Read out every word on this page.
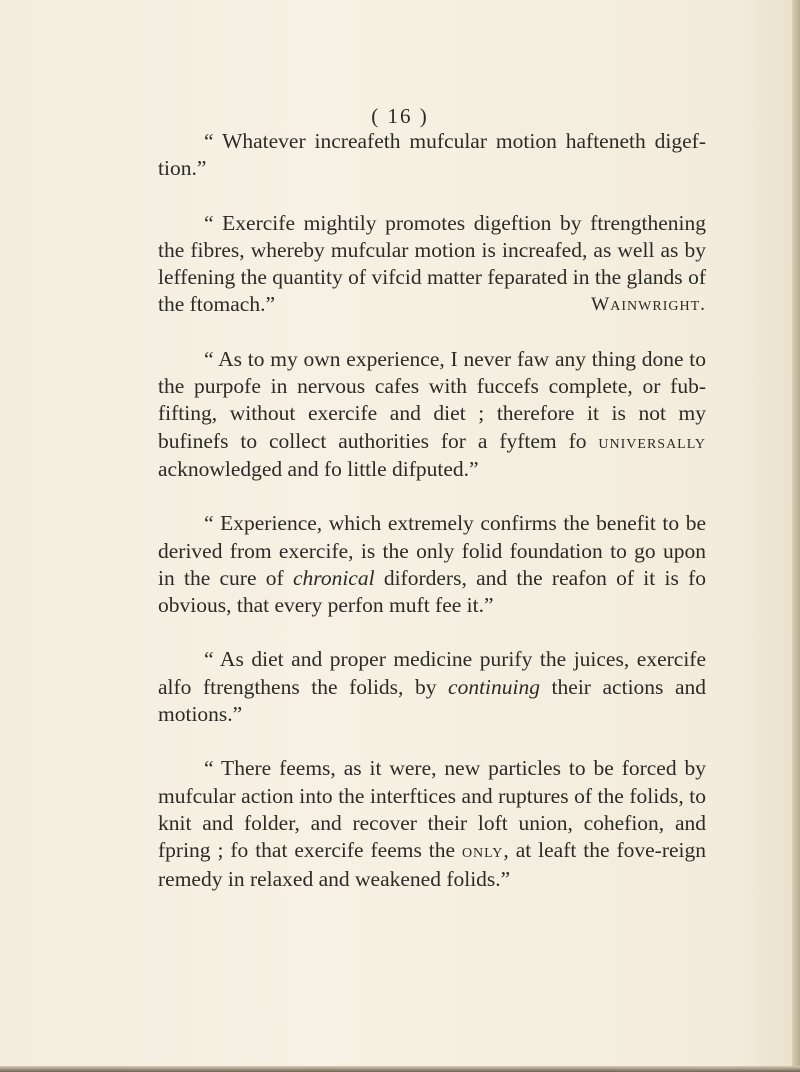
( 16 )

“ Whatever increafeth mufcular motion hafteneth digef-tion.”

“ Exercife mightily promotes digeftion by ftrengthening the fibres, whereby mufcular motion is increafed, as well as by leffening the quantity of vifcid matter feparated in the glands of the ftomach.”	Wainwright.

“ As to my own experience, I never faw any thing done to the purpofe in nervous cafes with fuccefs complete, or fub-fifting, without exercife and diet ; therefore it is not my bufinefs to collect authorities for a fyftem fo universally acknowledged and fo little difputed.”

“ Experience, which extremely confirms the benefit to be derived from exercife, is the only folid foundation to go upon in the cure of chronical diforders, and the reafon of it is fo obvious, that every perfon muft fee it.”

“ As diet and proper medicine purify the juices, exercife alfo ftrengthens the folids, by continuing their actions and motions.”

“ There feems, as it were, new particles to be forced by mufcular action into the interftices and ruptures of the folids, to knit and folder, and recover their loft union, cohefion, and fpring ; fo that exercife feems the only, at leaft the fove-reign remedy in relaxed and weakened folids.”
